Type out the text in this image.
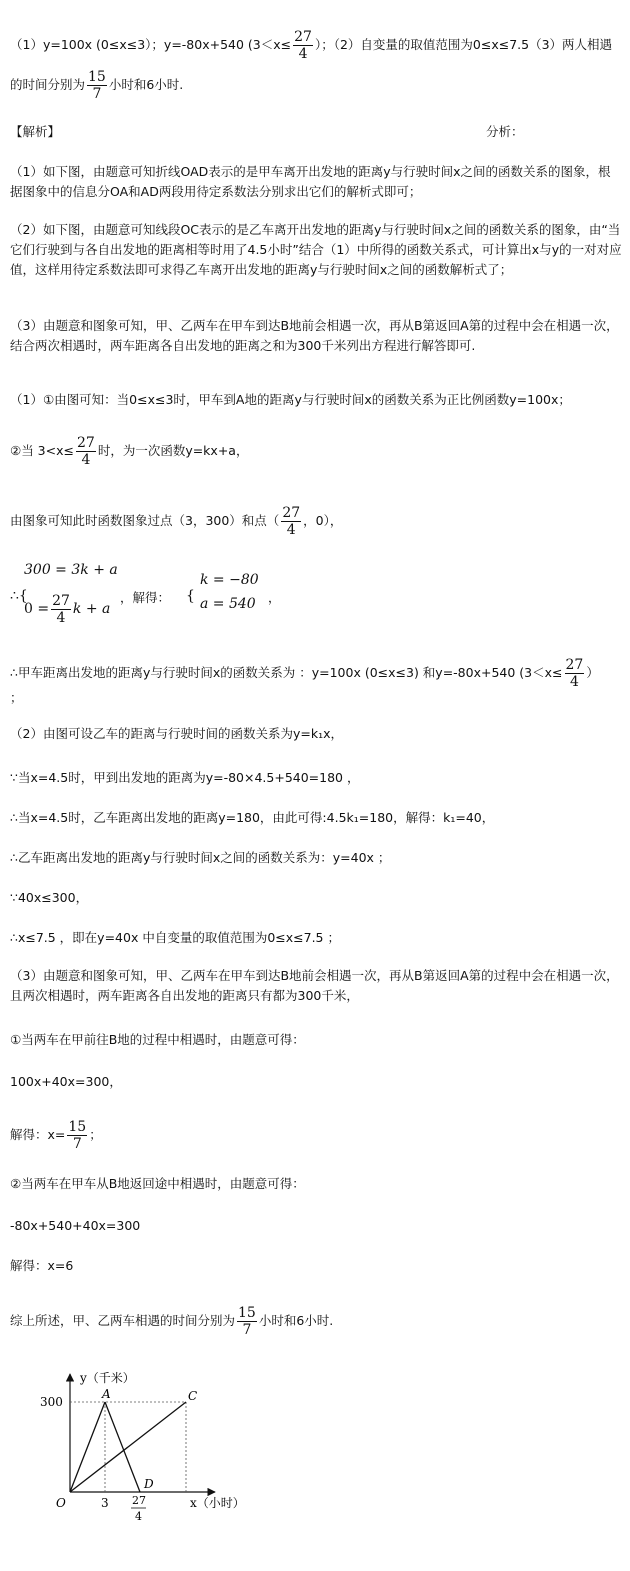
（1）y=100x (0≤x≤3）；y=-80x+540 ($3<x\le \frac{27}{4}$ ）；（2）自变量的取值范围为0≤x≤7.5（3）两人相遇
的时间分别为 $\frac{15}{7}$ 小时和6小时.
【解析】	分析：
（1）如下图，由题意可知折线OAD表示的是甲车离开出发地的距离y与行驶时间x之间的函数关系的图象，根据图象中的信息分OA和AD两段用待定系数法分别求出它们的解析式即可；
（2）如下图，由题意可知线段OC表示的是乙车离开出发地的距离y与行驶时间x之间的函数关系的图象，由“当它们行驶到与各自出发地的距离相等时用了4.5小时”结合（1）中所得的函数关系式，可计算出x与y的一对对应值，这样用待定系数法即可求得乙车离开出发地的距离y与行驶时间x之间的函数解析式了；
（3）由题意和图象可知，甲、乙两车在甲车到达B地前会相遇一次，再从B第返回A第的过程中会在相遇一次，结合两次相遇时，两车距离各自出发地的距离之和为300千米列出方程进行解答即可.
（1）①由图可知：当0≤x≤3时，甲车到A地的距离y与行驶时间x的函数关系为正比例函数y=100x；
②当 $3<x\le \frac{27}{4}$ 时，为一次函数y=kx+a，
由图象可知此时函数图象过点（3，300）和点（ $\frac{27}{4}$ ，0），
∴{
300 = 3k + a
$0 = \frac{27}{4}$ k + a
，解得： {
k = −80
a = 540 ，
∴甲车距离出发地的距离y与行驶时间x的函数关系为 ：y=100x (0≤x≤3) 和y=-80x+540 ($3<x\le \frac{27}{4}$ ）
；
（2）由图可设乙车的距离与行驶时间的函数关系为y=k₁x，
∵当x=4.5时，甲到出发地的距离为y=-80×4.5+540=180 ，
∴当x=4.5时，乙车距离出发地的距离y=180，由此可得:4.5k₁=180，解得：k₁=40，
∴乙车距离出发地的距离y与行驶时间x之间的函数关系为：y=40x ；
∵40x≤300，
∴x≤7.5 ，即在y=40x 中自变量的取值范围为0≤x≤7.5 ；
（3）由题意和图象可知，甲、乙两车在甲车到达B地前会相遇一次，再从B第返回A第的过程中会在相遇一次，且两次相遇时，两车距离各自出发地的距离只有都为300千米，
①当两车在甲前往B地的过程中相遇时，由题意可得：
100x+40x=300，
解得：$x= \frac{15}{7}$ ；
②当两车在甲车从B地返回途中相遇时，由题意可得：
-80x+540+40x=300
解得：x=6
综上所述，甲、乙两车相遇的时间分别为 $\frac{15}{7}$ 小时和6小时.
y（千米）
x（小时）
300
O	3 27
4
A	C
D
